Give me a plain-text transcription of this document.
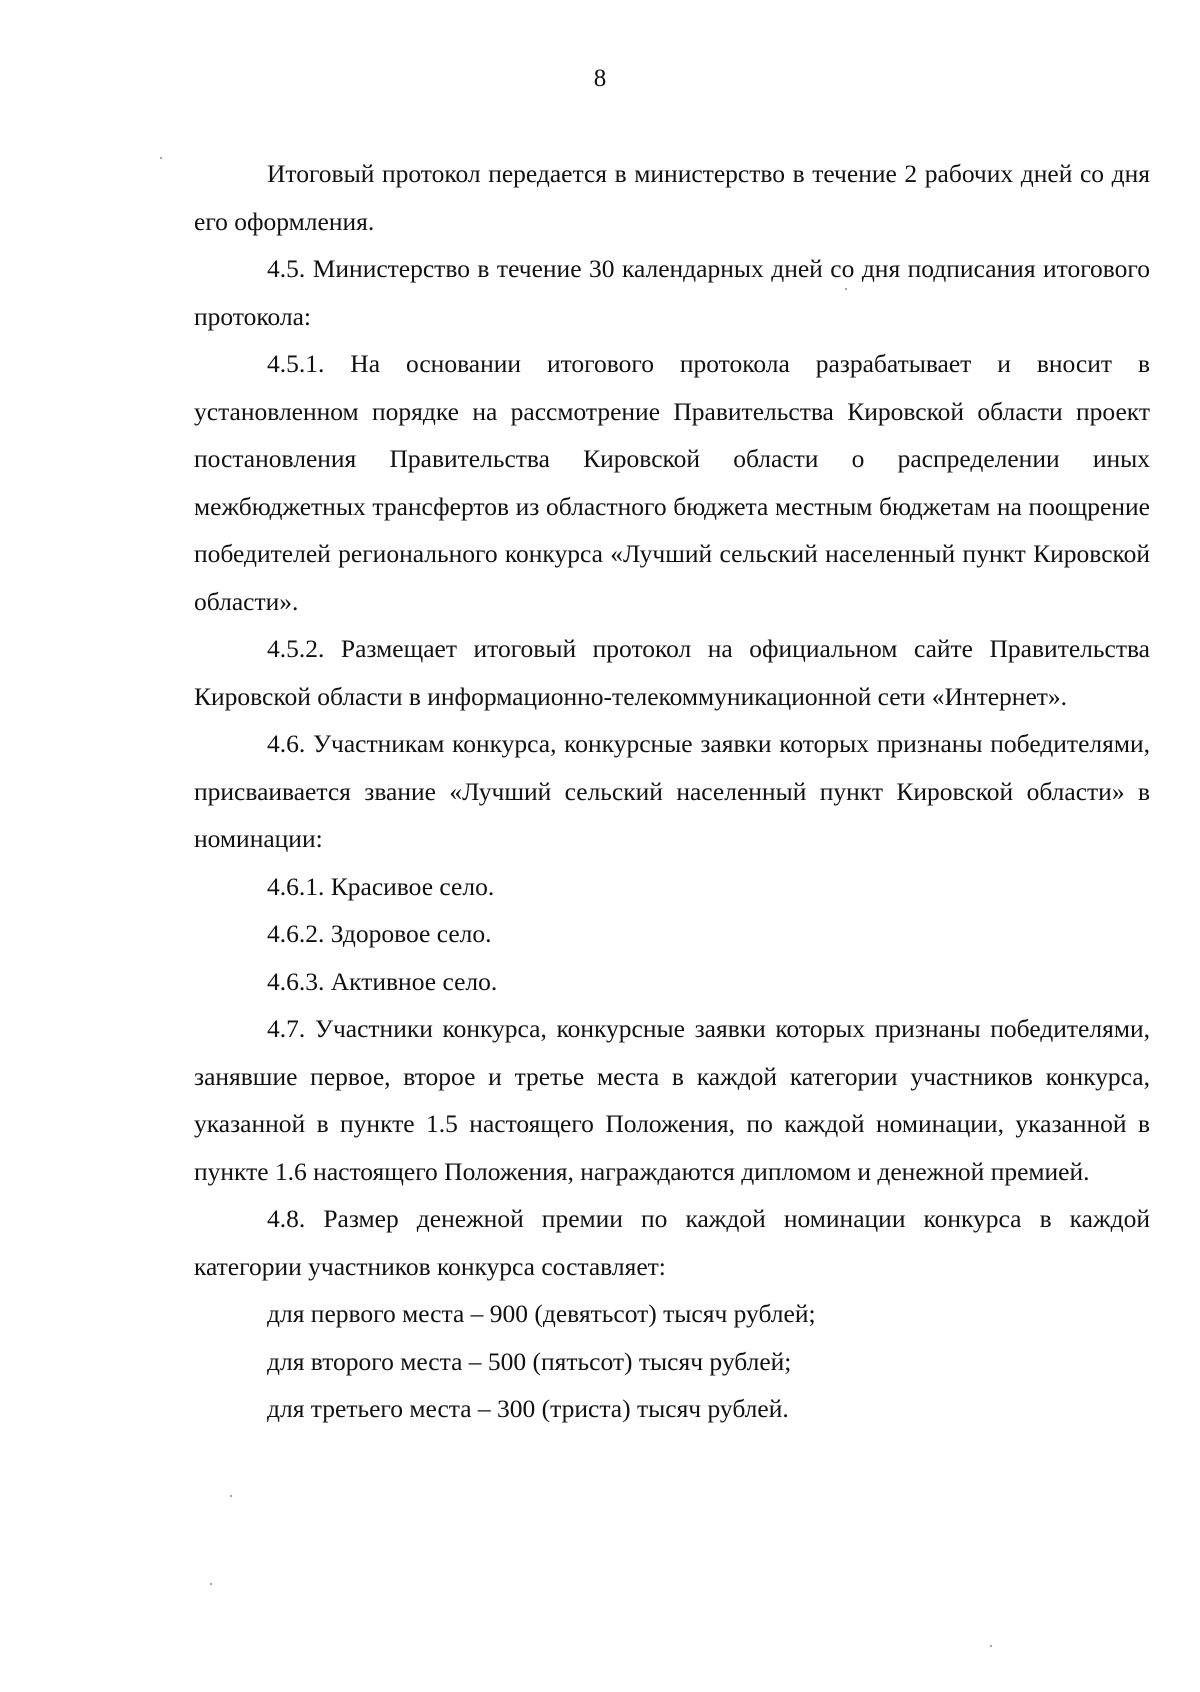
8

Итоговый протокол передается в министерство в течение 2 рабочих дней со дня его оформления.

4.5. Министерство в течение 30 календарных дней со дня подписания итогового протокола:

4.5.1. На основании итогового протокола разрабатывает и вносит в установленном порядке на рассмотрение Правительства Кировской области проект постановления Правительства Кировской области о распределении иных межбюджетных трансфертов из областного бюджета местным бюджетам на поощрение победителей регионального конкурса «Лучший сельский населенный пункт Кировской области».

4.5.2. Размещает итоговый протокол на официальном сайте Правительства Кировской области в информационно-телекоммуникационной сети «Интернет».

4.6. Участникам конкурса, конкурсные заявки которых признаны победителями, присваивается звание «Лучший сельский населенный пункт Кировской области» в номинации:

4.6.1. Красивое село.

4.6.2. Здоровое село.

4.6.3. Активное село.

4.7. Участники конкурса, конкурсные заявки которых признаны победителями, занявшие первое, второе и третье места в каждой категории участников конкурса, указанной в пункте 1.5 настоящего Положения, по каждой номинации, указанной в пункте 1.6 настоящего Положения, награждаются дипломом и денежной премией.

4.8. Размер денежной премии по каждой номинации конкурса в каждой категории участников конкурса составляет:

для первого места – 900 (девятьсот) тысяч рублей;

для второго места – 500 (пятьсот) тысяч рублей;

для третьего места – 300 (триста) тысяч рублей.
